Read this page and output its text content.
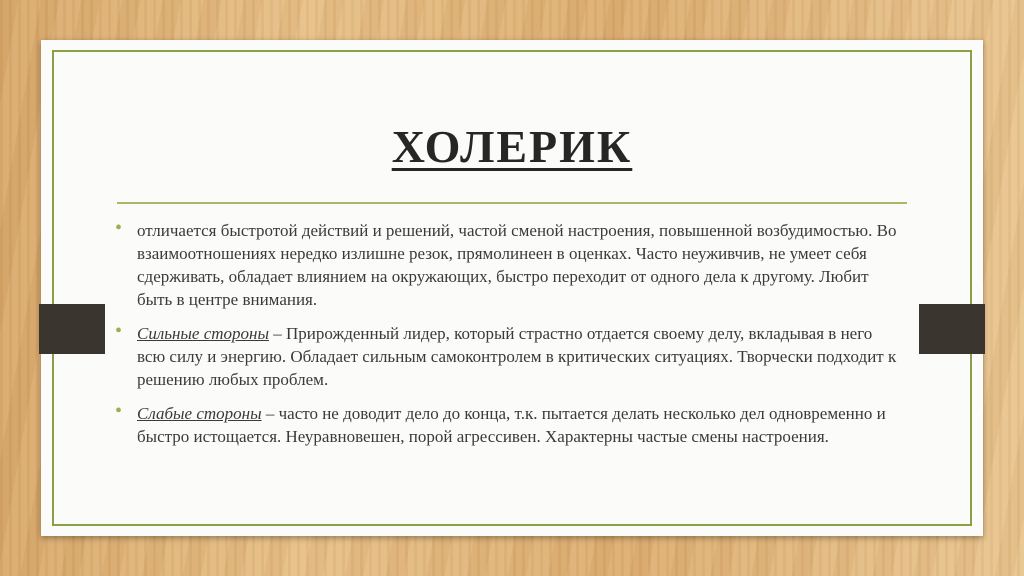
ХОЛЕРИК
• отличается быстротой действий и решений, частой сменой настроения, повышенной возбудимостью. Во взаимоотношениях нередко излишне резок, прямолинеен в оценках. Часто неуживчив, не умеет себя сдерживать, обладает влиянием на окружающих, быстро переходит от одного дела к другому. Любит быть в центре внимания.
• Сильные стороны – Прирожденный лидер, который страстно отдается своему делу, вкладывая в него всю силу и энергию. Обладает сильным самоконтролем в критических ситуациях. Творчески подходит к решению любых проблем.
• Слабые стороны – часто не доводит дело до конца, т.к. пытается делать несколько дел одновременно и быстро истощается. Неуравновешен, порой агрессивен. Характерны частые смены настроения.
